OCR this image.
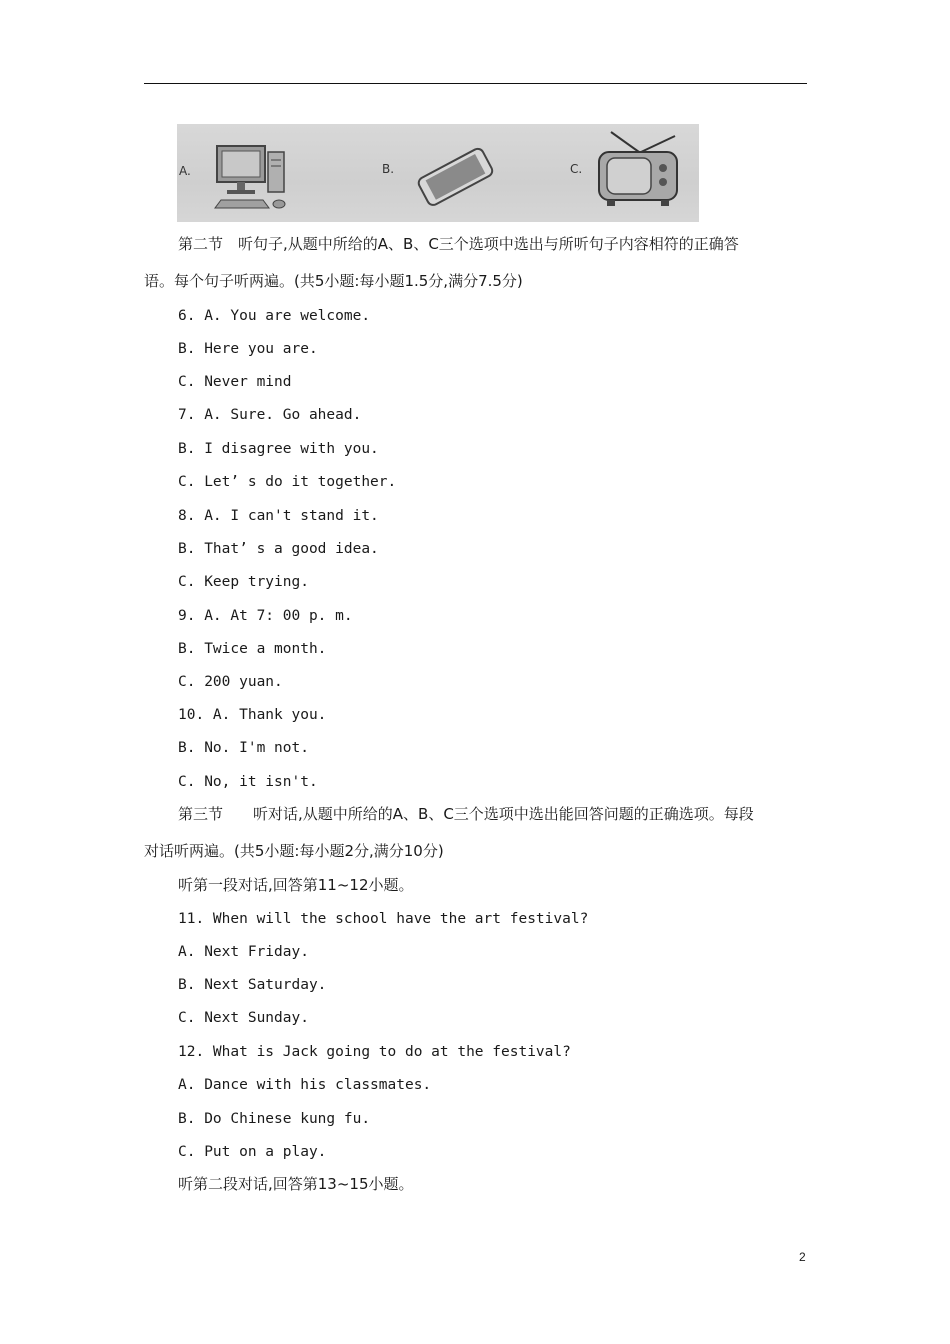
A.	B.	C.
第二节　听句子,从题中所给的A、B、C三个选项中选出与所听句子内容相符的正确答
语。每个句子听两遍。(共5小题:每小题1.5分,满分7.5分)
6. A. You are welcome.
B. Here you are.
C. Never mind
7. A. Sure. Go ahead.
B. I disagree with you.
C. Let’ s do it together.
8. A. I can't stand it.
B. That’ s a good idea.
C. Keep trying.
9. A. At 7: 00 p. m.
B. Twice a month.
C. 200 yuan.
10. A. Thank you.
B. No. I'm not.
C. No, it isn't.
第三节　　听对话,从题中所给的A、B、C三个选项中选出能回答问题的正确选项。每段
对话听两遍。(共5小题:每小题2分,满分10分)
听第一段对话,回答第11~12小题。
11. When will the school have the art festival?
A. Next Friday.
B. Next Saturday.
C. Next Sunday.
12. What is Jack going to do at the festival?
A. Dance with his classmates.
B. Do Chinese kung fu.
C. Put on a play.
听第二段对话,回答第13~15小题。
2
